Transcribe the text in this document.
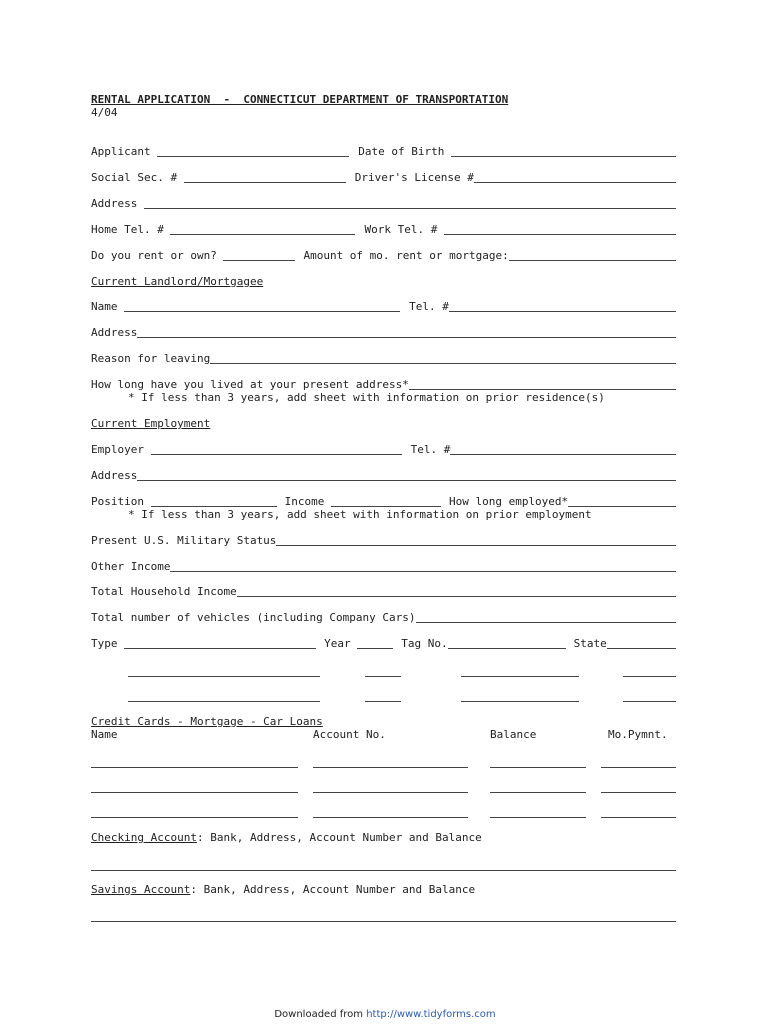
RENTAL APPLICATION  -  CONNECTICUT DEPARTMENT OF TRANSPORTATION
4/04
Applicant	Date of Birth
Social Sec. #	Driver's License #
Address
Home Tel. #	Work Tel. #
Do you rent or own?	Amount of mo. rent or mortgage:
Current Landlord/Mortgagee
Name	Tel. #
Address
Reason for leaving
How long have you lived at your present address*
* If less than 3 years, add sheet with information on prior residence(s)
Current Employment
Employer	Tel. #
Address
Position	Income	How long employed*
* If less than 3 years, add sheet with information on prior employment
Present U.S. Military Status
Other Income
Total Household Income
Total number of vehicles (including Company Cars)
Type	Year	Tag No.	State
Credit Cards - Mortgage - Car Loans
Name	Account No.	Balance	Mo.Pymnt.
Checking Account: Bank, Address, Account Number and Balance
Savings Account: Bank, Address, Account Number and Balance
Downloaded from http://www.tidyforms.com
